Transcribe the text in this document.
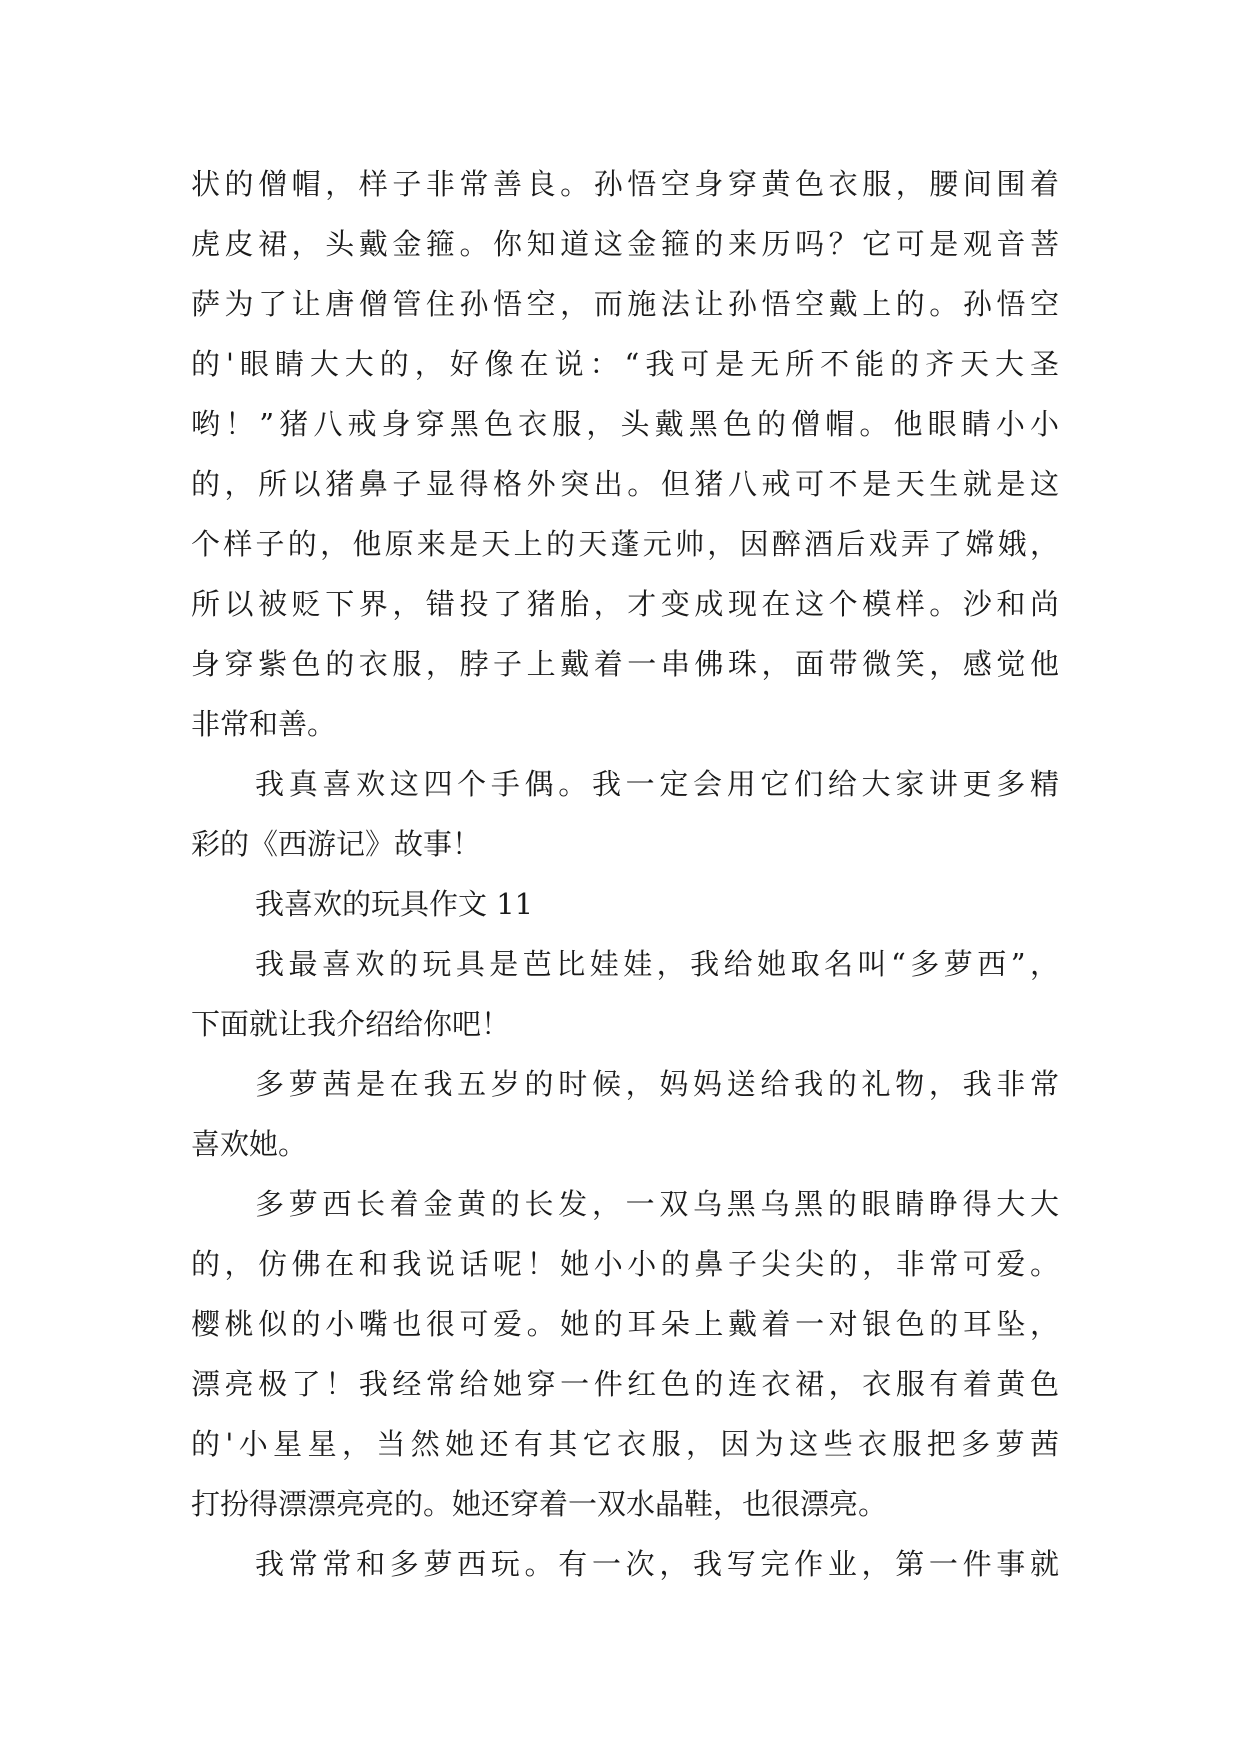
状的僧帽，样子非常善良。孙悟空身穿黄色衣服，腰间围着
虎皮裙，头戴金箍。你知道这金箍的来历吗？它可是观音菩
萨为了让唐僧管住孙悟空，而施法让孙悟空戴上的。孙悟空
的'眼睛大大的，好像在说：“我可是无所不能的齐天大圣
哟！”猪八戒身穿黑色衣服，头戴黑色的僧帽。他眼睛小小
的，所以猪鼻子显得格外突出。但猪八戒可不是天生就是这
个样子的，他原来是天上的天蓬元帅，因醉酒后戏弄了嫦娥，
所以被贬下界，错投了猪胎，才变成现在这个模样。沙和尚
身穿紫色的衣服，脖子上戴着一串佛珠，面带微笑，感觉他
非常和善。
我真喜欢这四个手偶。我一定会用它们给大家讲更多精
彩的《西游记》故事！
我喜欢的玩具作文 11
我最喜欢的玩具是芭比娃娃，我给她取名叫“多萝西”，
下面就让我介绍给你吧！
多萝茜是在我五岁的时候，妈妈送给我的礼物，我非常
喜欢她。
多萝西长着金黄的长发，一双乌黑乌黑的眼睛睁得大大
的，仿佛在和我说话呢！她小小的鼻子尖尖的，非常可爱。
樱桃似的小嘴也很可爱。她的耳朵上戴着一对银色的耳坠，
漂亮极了！我经常给她穿一件红色的连衣裙，衣服有着黄色
的'小星星，当然她还有其它衣服，因为这些衣服把多萝茜
打扮得漂漂亮亮的。她还穿着一双水晶鞋，也很漂亮。
我常常和多萝西玩。有一次，我写完作业，第一件事就
